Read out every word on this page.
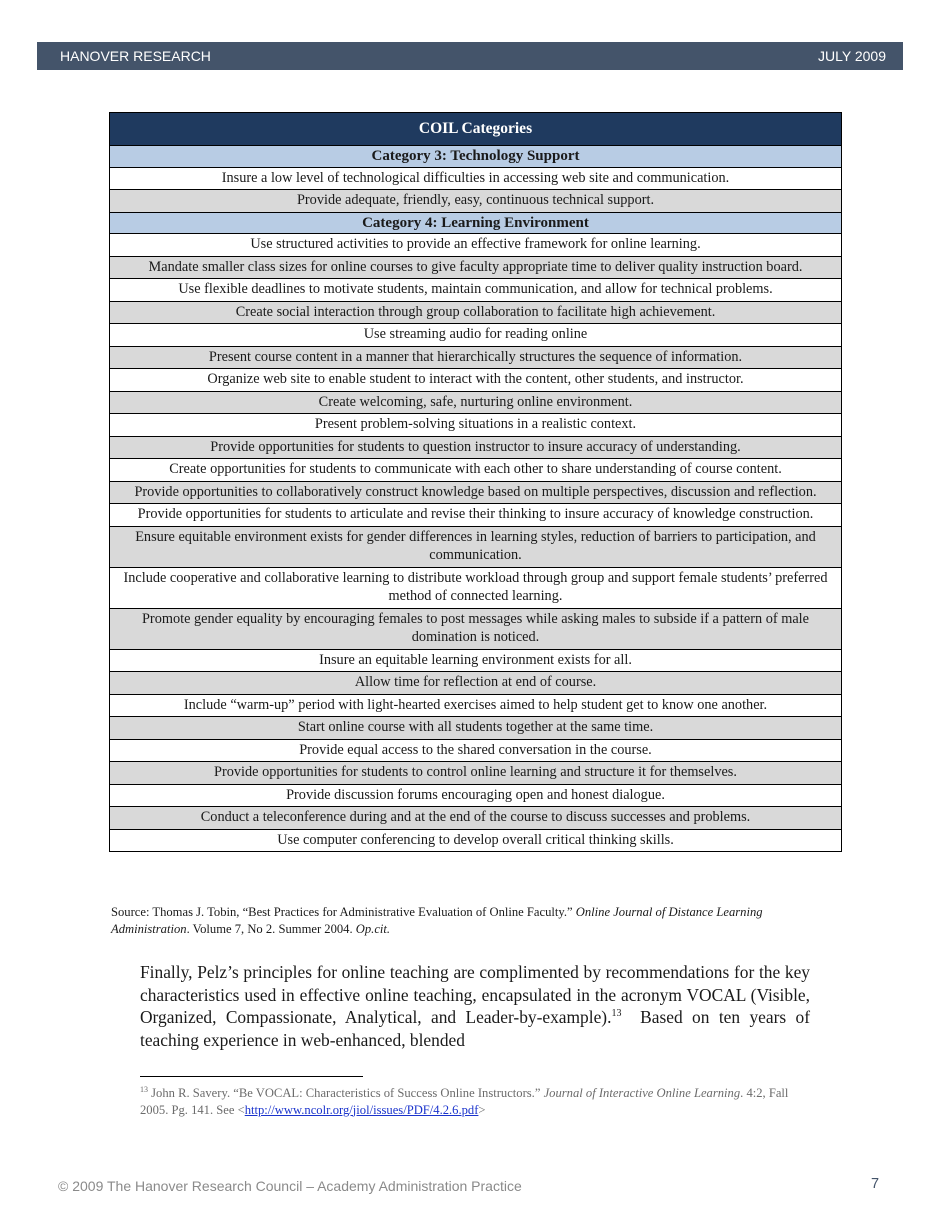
HANOVER RESEARCH	JULY 2009
COIL Categories
Category 3: Technology Support
Insure a low level of technological difficulties in accessing web site and communication.
Provide adequate, friendly, easy, continuous technical support.
Category 4: Learning Environment
Use structured activities to provide an effective framework for online learning.
Mandate smaller class sizes for online courses to give faculty appropriate time to deliver quality instruction board.
Use flexible deadlines to motivate students, maintain communication, and allow for technical problems.
Create social interaction through group collaboration to facilitate high achievement.
Use streaming audio for reading online
Present course content in a manner that hierarchically structures the sequence of information.
Organize web site to enable student to interact with the content, other students, and instructor.
Create welcoming, safe, nurturing online environment.
Present problem-solving situations in a realistic context.
Provide opportunities for students to question instructor to insure accuracy of understanding.
Create opportunities for students to communicate with each other to share understanding of course content.
Provide opportunities to collaboratively construct knowledge based on multiple perspectives, discussion and reflection.
Provide opportunities for students to articulate and revise their thinking to insure accuracy of knowledge construction.
Ensure equitable environment exists for gender differences in learning styles, reduction of barriers to participation, and communication.
Include cooperative and collaborative learning to distribute workload through group and support female students’ preferred method of connected learning.
Promote gender equality by encouraging females to post messages while asking males to subside if a pattern of male domination is noticed.
Insure an equitable learning environment exists for all.
Allow time for reflection at end of course.
Include “warm-up” period with light-hearted exercises aimed to help student get to know one another.
Start online course with all students together at the same time.
Provide equal access to the shared conversation in the course.
Provide opportunities for students to control online learning and structure it for themselves.
Provide discussion forums encouraging open and honest dialogue.
Conduct a teleconference during and at the end of the course to discuss successes and problems.
Use computer conferencing to develop overall critical thinking skills.
Source: Thomas J. Tobin, “Best Practices for Administrative Evaluation of Online Faculty.” Online Journal of Distance Learning Administration. Volume 7, No 2. Summer 2004. Op.cit.
Finally, Pelz’s principles for online teaching are complimented by recommendations for the key characteristics used in effective online teaching, encapsulated in the acronym VOCAL (Visible, Organized, Compassionate, Analytical, and Leader-by-example).$^{13}$  Based on ten years of teaching experience in web-enhanced, blended
$^{13}$ John R. Savery. “Be VOCAL: Characteristics of Success Online Instructors.” Journal of Interactive Online Learning. 4:2, Fall 2005. Pg. 141. See <http://www.ncolr.org/jiol/issues/PDF/4.2.6.pdf>
© 2009 The Hanover Research Council – Academy Administration Practice	7
